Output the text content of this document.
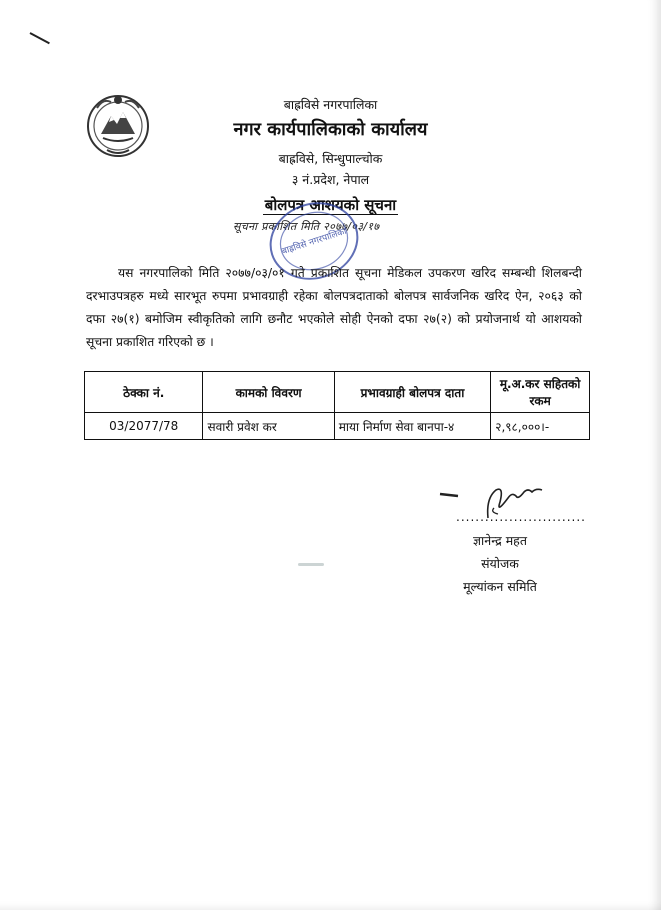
बाह्रविसे नगरपालिका
नगर कार्यपालिकाको कार्यालय
बाह्रविसे, सिन्धुपाल्चोक
३ नं.प्रदेश, नेपाल
बोलपत्र आशयको सूचना
सूचना प्रकाशित मिति २०७७/०३/१७
बाह्रविसे नगरपालिका
यस नगरपालिको मिति २०७७/०३/०१ गते प्रकाशित सूचना मेडिकल उपकरण खरिद सम्बन्धी शिलबन्दी दरभाउपत्रहरु मध्ये सारभूत रुपमा प्रभावग्राही रहेका बोलपत्रदाताको बोलपत्र सार्वजनिक खरिद ऐन, २०६३ को दफा २७(१) बमोजिम स्वीकृतिको लागि छनौट भएकोले सोही ऐनको दफा २७(२) को प्रयोजनार्थ यो आशयको सूचना प्रकाशित गरिएको छ ।
ठेक्का नं.	कामको विवरण	प्रभावग्राही बोलपत्र दाता	मू.अ.कर सहितको रकम
03/2077/78	सवारी प्रवेश कर	माया निर्माण सेवा बानपा-४	२,९८,०००।-
...........................
ज्ञानेन्द्र महत
संयोजक
मूल्यांकन समिति
